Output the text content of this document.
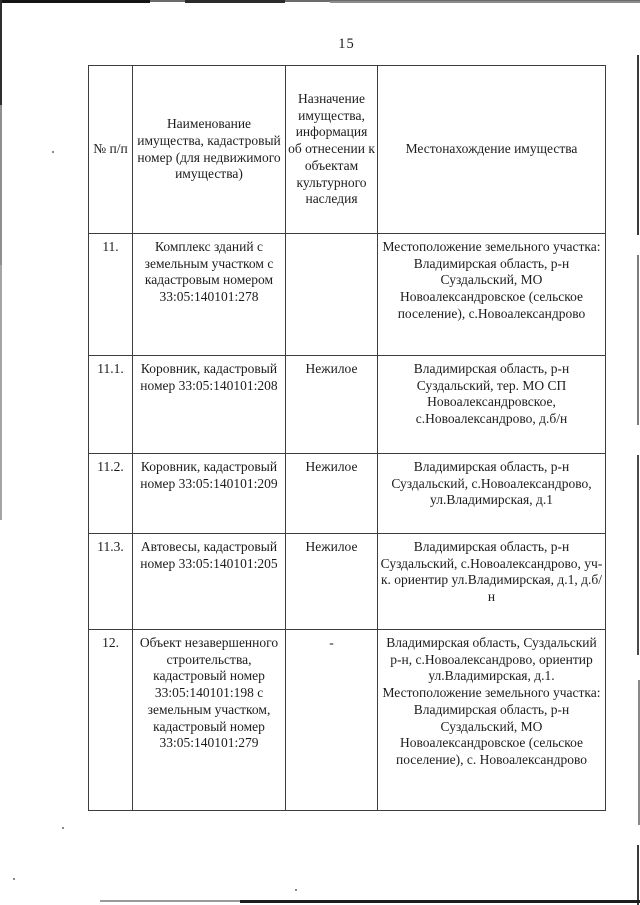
15
№ п/п	Наименование имущества, кадастровый номер (для недвижимого имущества)	Назначение имущества, информация об отнесении к объектам культурного наследия	Местонахождение имущества
11.	Комплекс зданий с земельным участком с кадастровым номером 33:05:140101:278		Местоположение земельного участка: Владимирская область, р-н Суздальский, МО Новоалександровское (сельское поселение), с.Новоалександрово
11.1.	Коровник, кадастровый номер 33:05:140101:208	Нежилое	Владимирская область, р-н Суздальский, тер. МО СП Новоалександровское, с.Новоалександрово, д.б/н
11.2.	Коровник, кадастровый номер 33:05:140101:209	Нежилое	Владимирская область, р-н Суздальский, с.Новоалександрово, ул.Владимирская, д.1
11.3.	Автовесы, кадастровый номер 33:05:140101:205	Нежилое	Владимирская область, р-н Суздальский, с.Новоалександрово, уч-к. ориентир ул.Владимирская, д.1, д.б/н
12.	Объект незавершенного строительства, кадастровый номер 33:05:140101:198 с земельным участком, кадастровый номер 33:05:140101:279	-	Владимирская область, Суздальский р-н, с.Новоалександрово, ориентир ул.Владимирская, д.1. Местоположение земельного участка: Владимирская область, р-н Суздальский, МО Новоалександровское (сельское поселение), с. Новоалександрово
